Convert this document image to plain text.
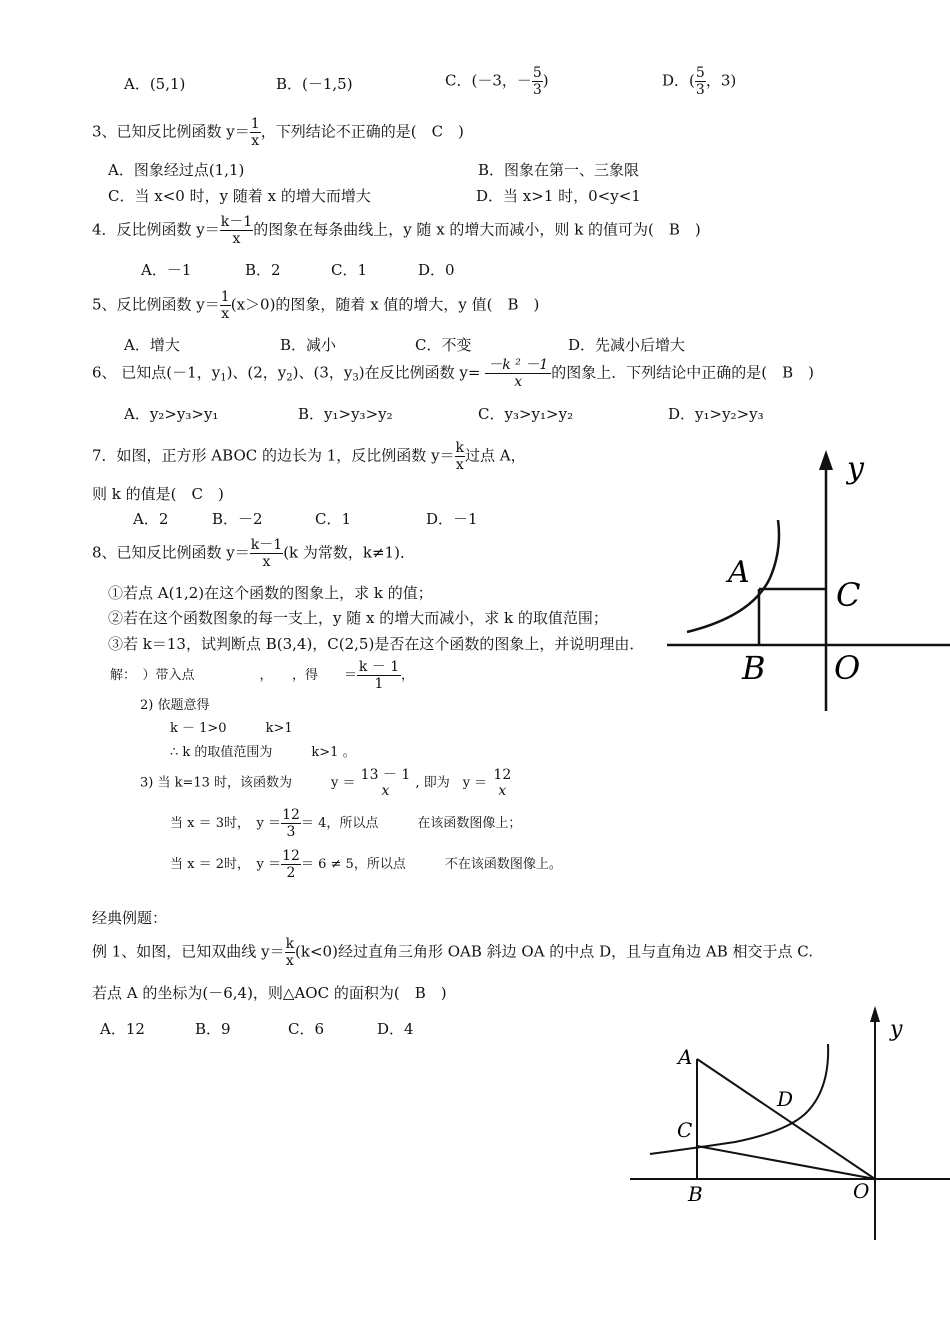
A．(5,1)	B．(－1,5)	C．(－3，－ $\frac{5}{3}$ )	D．( $\frac{5}{3}$ ，3)
3、已知反比例函数 $y= \frac{1}{x}$ ，下列结论不正确的是(　C　)
A．图象经过点(1,1)	B．图象在第一、三象限
C．当 x<0 时，y 随着 x 的增大而增大	D．当 x>1 时，0<y<1
4．反比例函数 $y= \frac{k-1}{x}$ 的图象在每条曲线上，y 随 x 的增大而减小，则 k 的值可为(　B　)
A．－1	B．2	C．1	D．0
5、反比例函数 $y= \frac{1}{x} (x>0)$的图象，随着 x 值的增大，y 值(　B　)
A．增大	B．减小	C．不变	D．先减小后增大
6、 已知点(－1，$y_1$)、(2，$y_2$)、(3，$y_3$)在反比例函数 $y= \frac{\text{－k ² －1}}{x}$ 的图象上．下列结论中正确的是(　B　)
A．y₂>y₃>y₁	B．y₁>y₃>y₂	C．y₃>y₁>y₂	D．y₁>y₂>y₃
7．如图，正方形 ABOC 的边长为 1，反比例函数 $y= \frac{k}{x}$ 过点 A，
则 k 的值是(　C　)
A．2	B．－2	C．1	D．－1
8、已知反比例函数 $y= \frac{k-1}{x} (k$ 为常数，k≠1)．
①若点 A(1,2)在这个函数的图象上，求 k 的值；
②若在这个函数图象的每一支上，y 随 x 的增大而减小，求 k 的取值范围；
③若 k＝13，试判断点 B(3,4)，C(2,5)是否在这个函数的图象上，并说明理由．
解：　）带入点　　　　　，　　，得　　＝ $\frac{k - 1}{1}$ ，
2) 依题意得
k － 1>0　　　k>1
∴ k 的取值范围为　　　k>1 。
3) 当 k=13 时，该函数为　　　y ＝ 13 － 1
x	, 即为　y ＝ 12
x
当 x ＝ 3时，　$y = \frac{12}{3} = 4$，所以点　　　在该函数图像上；
当 x ＝ 2时，　$y = \frac{12}{2} = 6 \ne 5$，所以点　　　不在该函数图像上。
经典例题：
例 1、如图，已知双曲线 $y= \frac{k}{x} (k<0)$经过直角三角形 OAB 斜边 OA 的中点 D，且与直角边 AB 相交于点 C.
若点 A 的坐标为(－6,4)，则△AOC 的面积为(　B　)
A．12	B．9	C．6	D．4
y
A
C
B O
y
A
D
C
B	O
